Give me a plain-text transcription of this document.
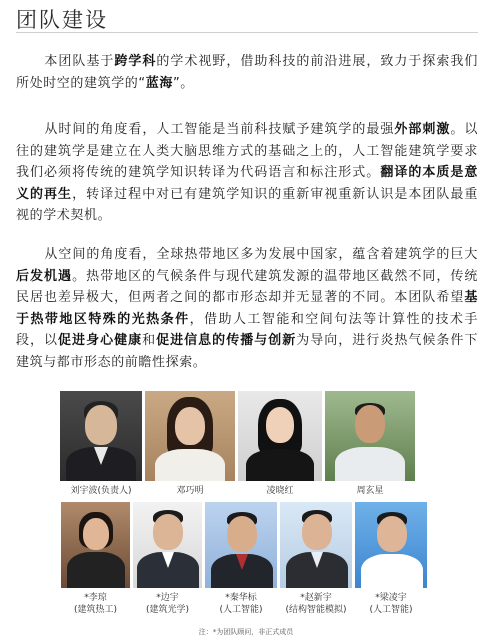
团队建设

本团队基于跨学科的学术视野，借助科技的前沿进展，致力于探索我们所处时空的建筑学的“蓝海”。

从时间的角度看，人工智能是当前科技赋予建筑学的最强外部刺激。以往的建筑学是建立在人类大脑思维方式的基础之上的，人工智能建筑学要求我们必须将传统的建筑学知识转译为代码语言和标注形式。翻译的本质是意义的再生，转译过程中对已有建筑学知识的重新审视重新认识是本团队最重视的学术契机。

从空间的角度看，全球热带地区多为发展中国家，蕴含着建筑学的巨大后发机遇。热带地区的气候条件与现代建筑发源的温带地区截然不同，传统民居也差异极大，但两者之间的都市形态却并无显著的不同。本团队希望基于热带地区特殊的光热条件，借助人工智能和空间句法等计算性的技术手段，以促进身心健康和促进信息的传播与创新为导向，进行炎热气候条件下建筑与都市形态的前瞻性探索。

刘宇波(负责人)	邓巧明	凌晓红	周玄星
*李琼
(建筑热工)
*边宇
(建筑光学)
*秦华标
(人工智能)
*赵新宇
(结构智能模拟)
*梁凌宇
(人工智能)
注：*为团队顾问，非正式成员
